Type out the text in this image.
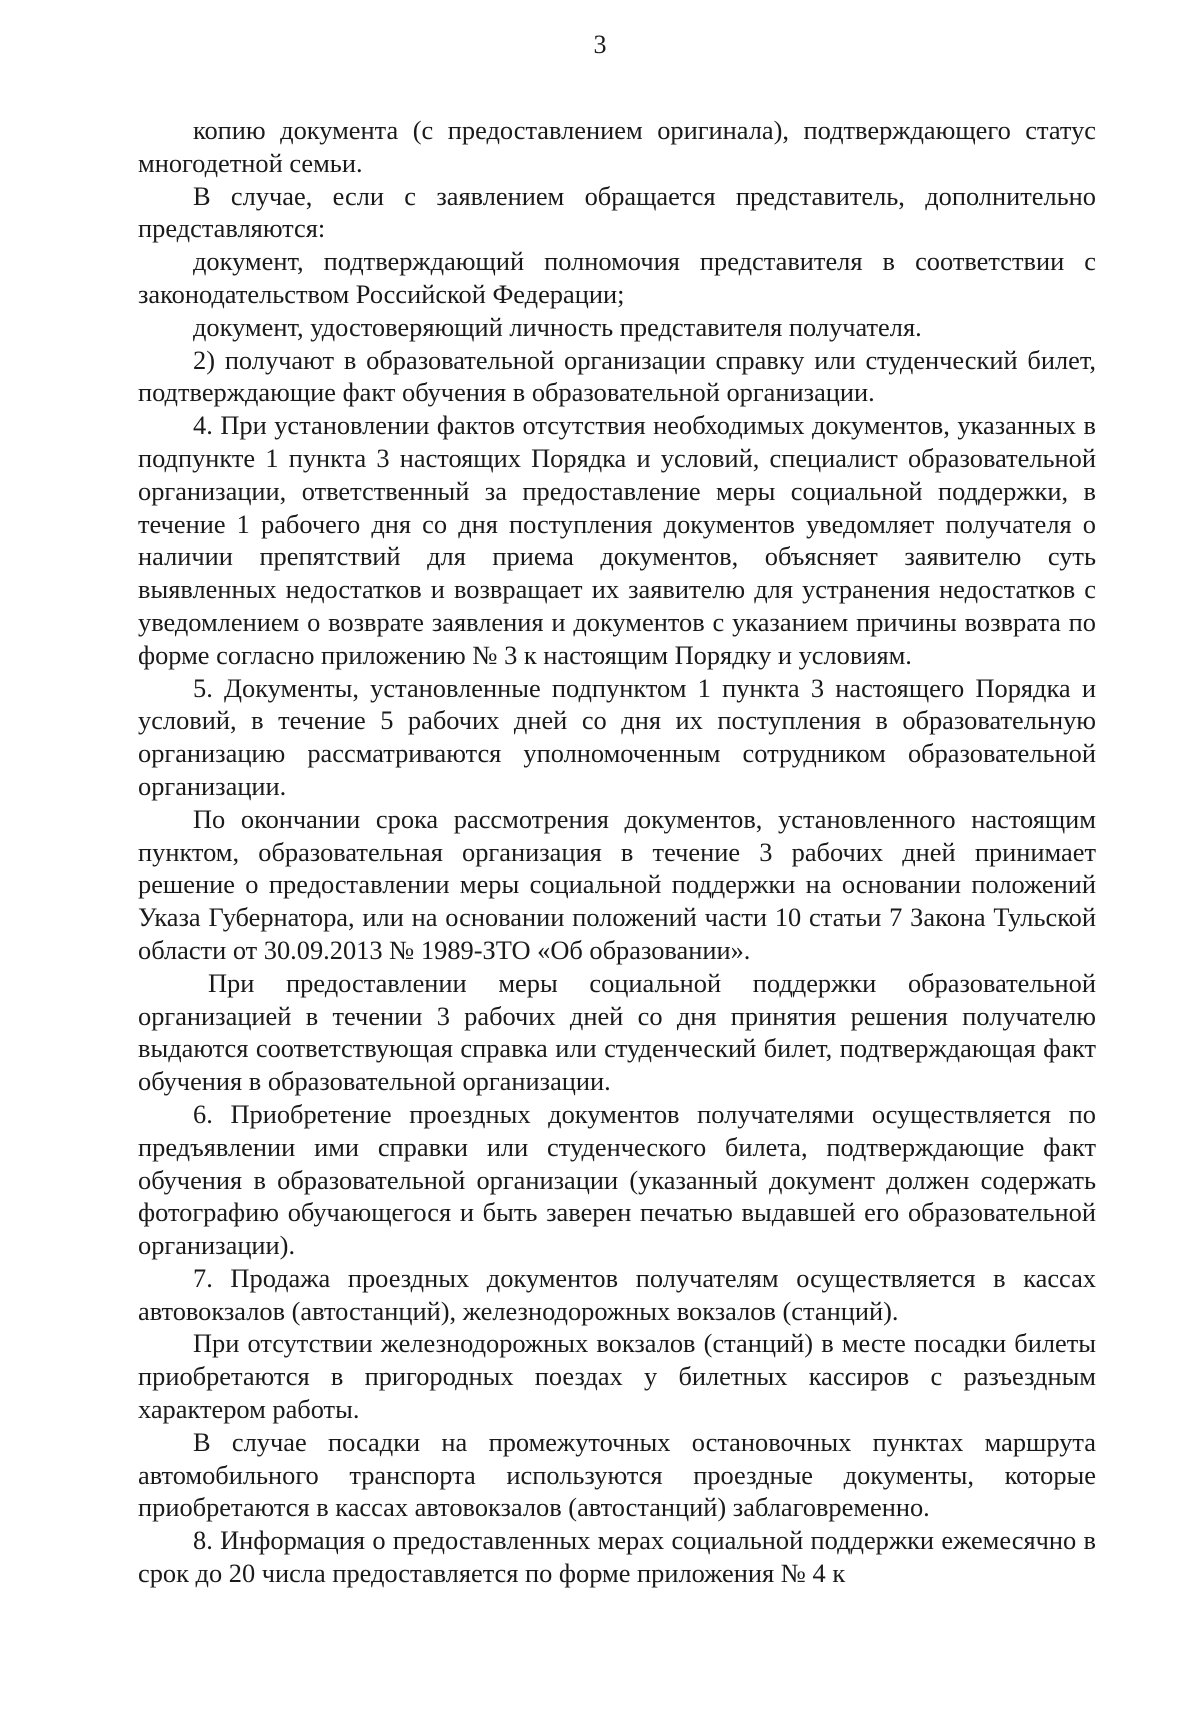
3

копию документа (с предоставлением оригинала), подтверждающего статус многодетной семьи.

В случае, если с заявлением обращается представитель, дополнительно представляются:

документ, подтверждающий полномочия представителя в соответствии с законодательством Российской Федерации;

документ, удостоверяющий личность представителя получателя.

2) получают в образовательной организации справку или студенческий билет, подтверждающие факт обучения в образовательной организации.

4. При установлении фактов отсутствия необходимых документов, указанных в подпункте 1 пункта 3 настоящих Порядка и условий, специалист образовательной организации, ответственный за предоставление меры социальной поддержки, в течение 1 рабочего дня со дня поступления документов уведомляет получателя о наличии препятствий для приема документов, объясняет заявителю суть выявленных недостатков и возвращает их заявителю для устранения недостатков с уведомлением о возврате заявления и документов с указанием причины возврата по форме согласно приложению № 3 к настоящим Порядку и условиям.

5. Документы, установленные подпунктом 1 пункта 3 настоящего Порядка и условий, в течение 5 рабочих дней со дня их поступления в образовательную организацию рассматриваются уполномоченным сотрудником образовательной организации.

По окончании срока рассмотрения документов, установленного настоящим пунктом, образовательная организация в течение 3 рабочих дней принимает решение о предоставлении меры социальной поддержки на основании положений Указа Губернатора, или на основании положений части 10 статьи 7 Закона Тульской области от 30.09.2013 № 1989-ЗТО «Об образовании».

При предоставлении меры социальной поддержки образовательной организацией в течении 3 рабочих дней со дня принятия решения получателю выдаются соответствующая справка или студенческий билет, подтверждающая факт обучения в образовательной организации.

6. Приобретение проездных документов получателями осуществляется по предъявлении ими справки или студенческого билета, подтверждающие факт обучения в образовательной организации (указанный документ должен содержать фотографию обучающегося и быть заверен печатью выдавшей его образовательной организации).

7. Продажа проездных документов получателям осуществляется в кассах автовокзалов (автостанций), железнодорожных вокзалов (станций).

При отсутствии железнодорожных вокзалов (станций) в месте посадки билеты приобретаются в пригородных поездах у билетных кассиров с разъездным характером работы.

В случае посадки на промежуточных остановочных пунктах маршрута автомобильного транспорта используются проездные документы, которые приобретаются в кассах автовокзалов (автостанций) заблаговременно.

8. Информация о предоставленных мерах социальной поддержки ежемесячно в срок до 20 числа предоставляется по форме приложения № 4 к
